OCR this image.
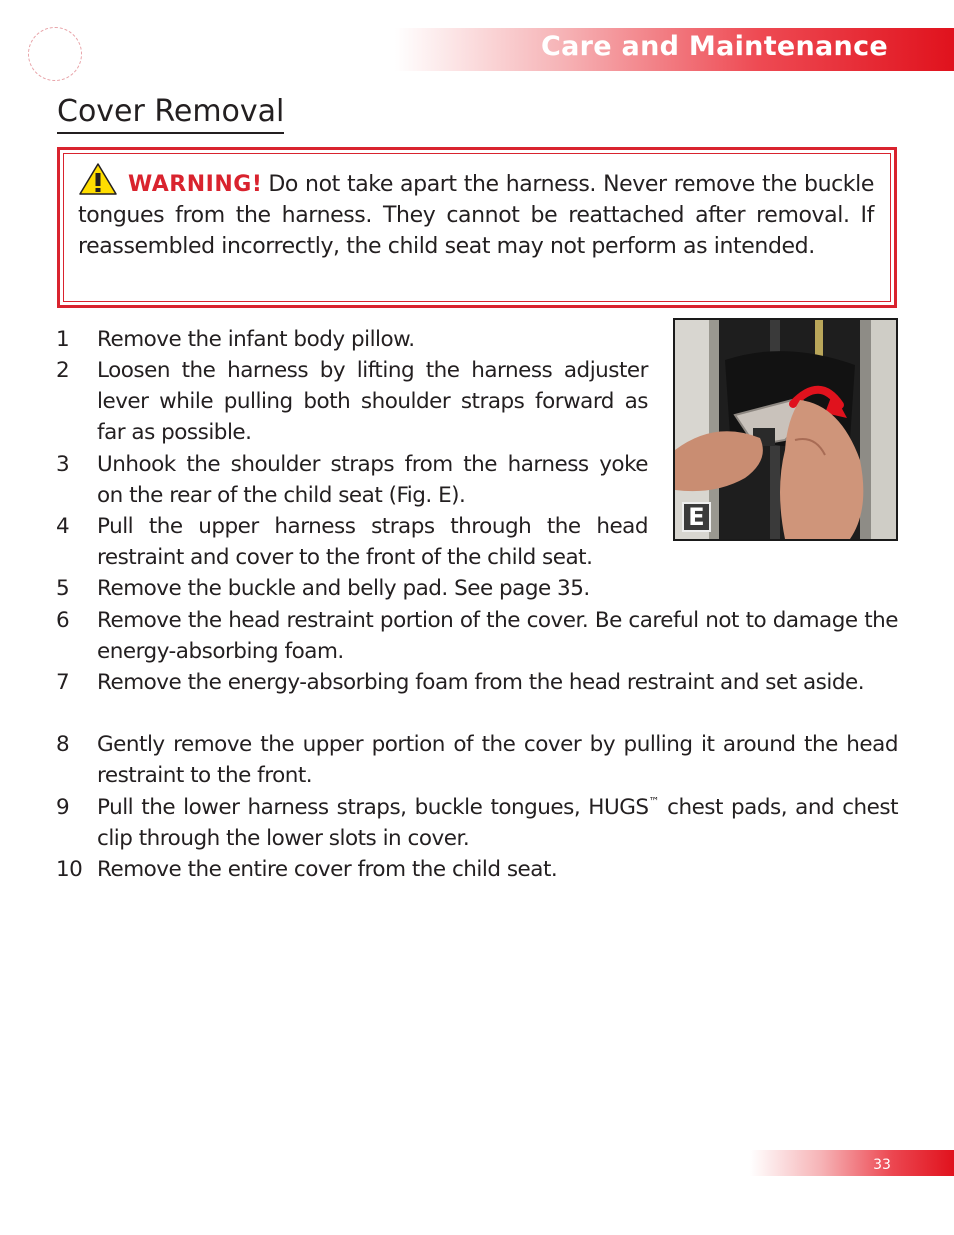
Care and Maintenance
Cover Removal
WARNING! Do not take apart the harness. Never remove the buckle tongues from the harness. They cannot be reattached after removal. If reassembled incorrectly, the child seat may not perform as intended.
E
1	Remove the infant body pillow.
2	Loosen the harness by lifting the harness adjuster lever while pulling both shoulder straps forward as far as possible.
3	Unhook the shoulder straps from the harness yoke on the rear of the child seat (Fig. E).
4	Pull the upper harness straps through the head restraint and cover to the front of the child seat.
5	Remove the buckle and belly pad. See page 35.
6	Remove the head restraint portion of the cover. Be careful not to damage the energy-absorbing foam.
7	Remove the energy-absorbing foam from the head restraint and set aside.
8	Gently remove the upper portion of the cover by pulling it around the head restraint to the front.
9	Pull the lower harness straps, buckle tongues, HUGS™ chest pads, and chest clip through the lower slots in cover.
10 Remove the entire cover from the child seat.
33
